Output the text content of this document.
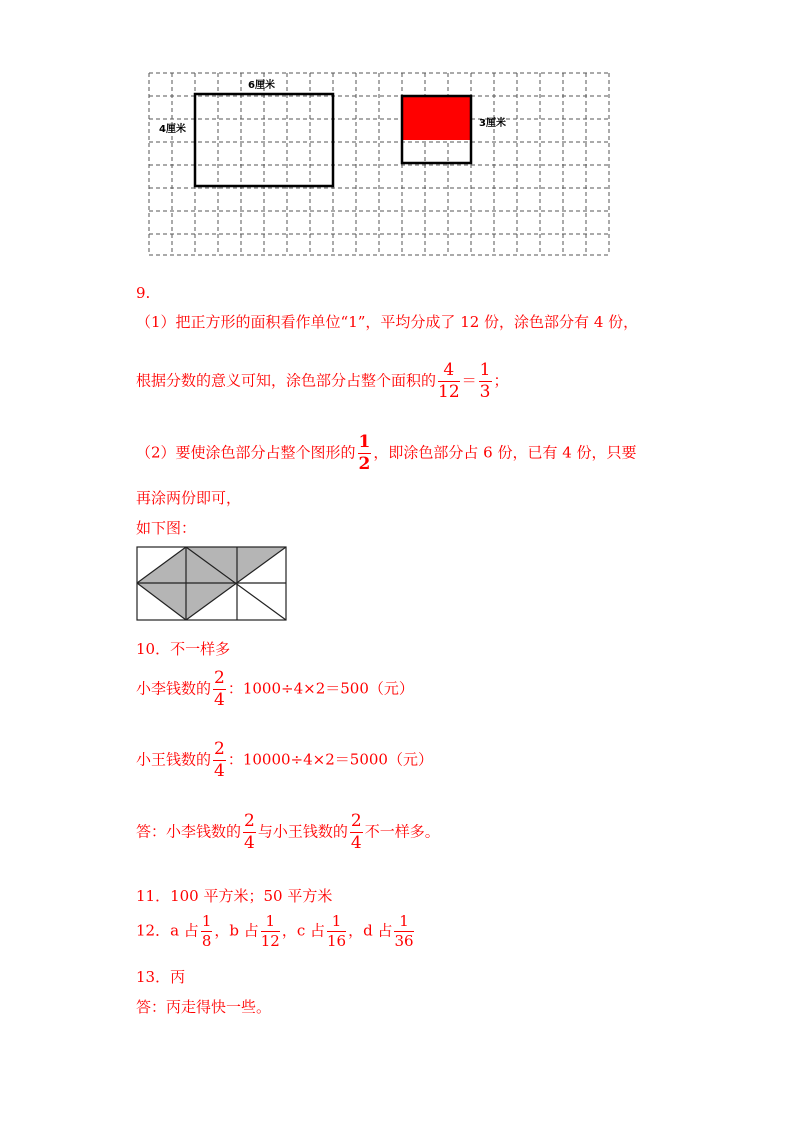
6厘米
4厘米
3厘米
9.
（1）把正方形的面积看作单位“1”，平均分成了 12 份，涂色部分有 4 份，
根据分数的意义可知，涂色部分占整个面积的 $\frac{4}{12} = \frac{1}{3}$ ；
（2）要使涂色部分占整个图形的 $\frac{1}{2}$ ，即涂色部分占 6 份，已有 4 份，只要
再涂两份即可，
如下图：
10．不一样多
小李钱数的 $\frac{2}{4}$ ：1000÷4×2＝500（元）
小王钱数的 $\frac{2}{4}$ ：10000÷4×2＝5000（元）
答：小李钱数的 $\frac{2}{4}$ 与小王钱数的 $\frac{2}{4}$ 不一样多。
11．100 平方米；50 平方米
12．a 占 $\frac{1}{8}$ ，b 占 $\frac{1}{12}$ ，c 占 $\frac{1}{16}$ ，d 占 $\frac{1}{36}$
13．丙
答：丙走得快一些。
